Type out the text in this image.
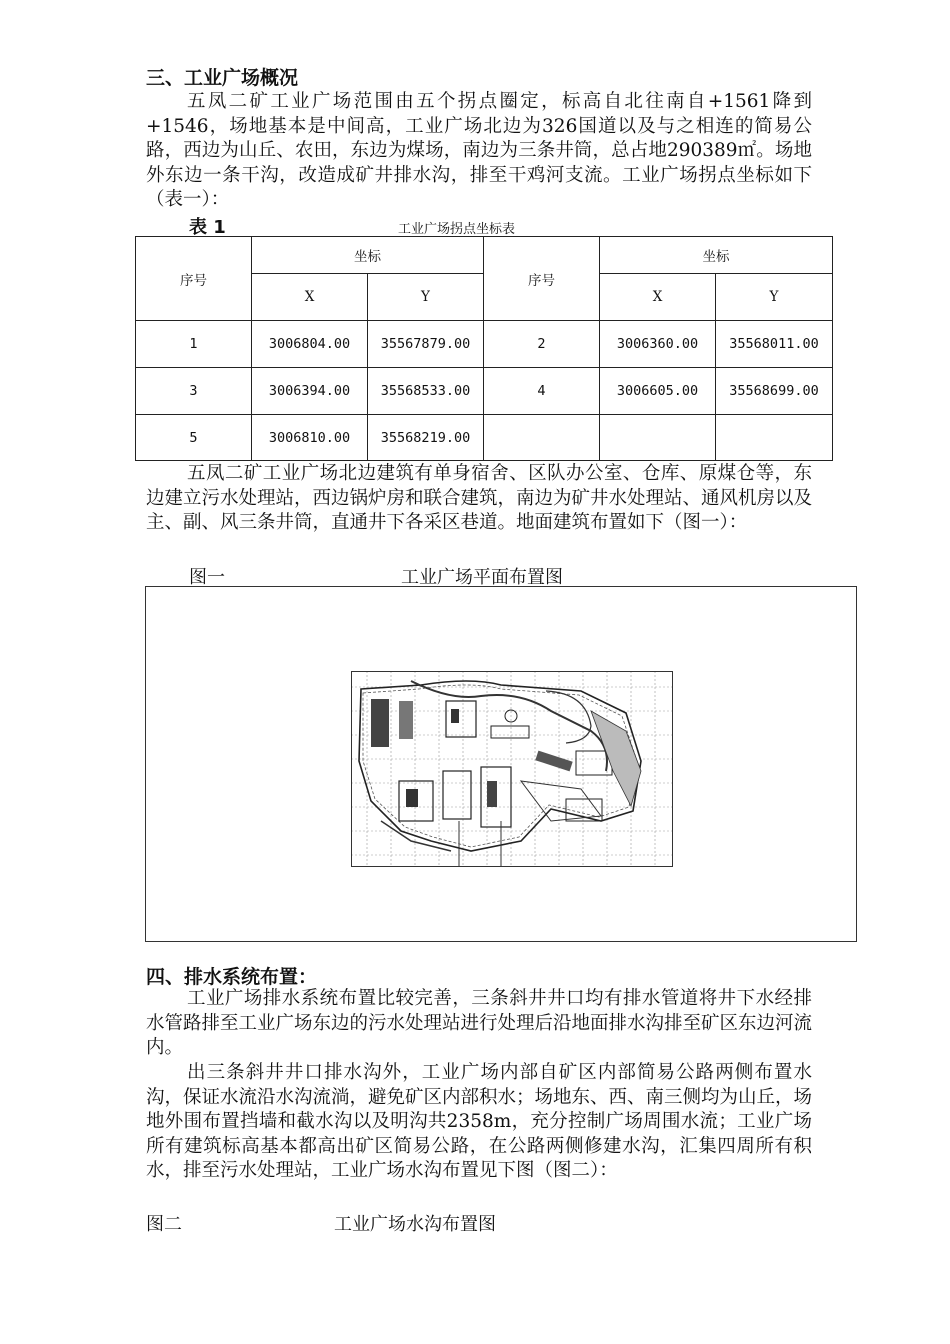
三、工业广场概况

五凤二矿工业广场范围由五个拐点圈定，标高自北往南自+1561降到+1546，场地基本是中间高，工业广场北边为326国道以及与之相连的简易公路，西边为山丘、农田，东边为煤场，南边为三条井筒，总占地290389㎡。场地外东边一条干沟，改造成矿井排水沟，排至干鸡河支流。工业广场拐点坐标如下（表一）：

表 1	工业广场拐点坐标表
序号	坐标		序号	坐标	
	X	Y		X	Y
1	3006804.00	35567879.00	2	3006360.00	35568011.00
3	3006394.00	35568533.00	4	3006605.00	35568699.00
5	3006810.00	35568219.00			

五凤二矿工业广场北边建筑有单身宿舍、区队办公室、仓库、原煤仓等，东边建立污水处理站，西边锅炉房和联合建筑，南边为矿井水处理站、通风机房以及主、副、风三条井筒，直通井下各采区巷道。地面建筑布置如下（图一）：

图一	工业广场平面布置图
四、排水系统布置：

工业广场排水系统布置比较完善，三条斜井井口均有排水管道将井下水经排水管路排至工业广场东边的污水处理站进行处理后沿地面排水沟排至矿区东边河流内。

出三条斜井井口排水沟外，工业广场内部自矿区内部简易公路两侧布置水沟，保证水流沿水沟流淌，避免矿区内部积水；场地东、西、南三侧均为山丘，场地外围布置挡墙和截水沟以及明沟共2358m，充分控制广场周围水流；工业广场所有建筑标高基本都高出矿区简易公路，在公路两侧修建水沟，汇集四周所有积水，排至污水处理站，工业广场水沟布置见下图（图二）：

图二	工业广场水沟布置图
